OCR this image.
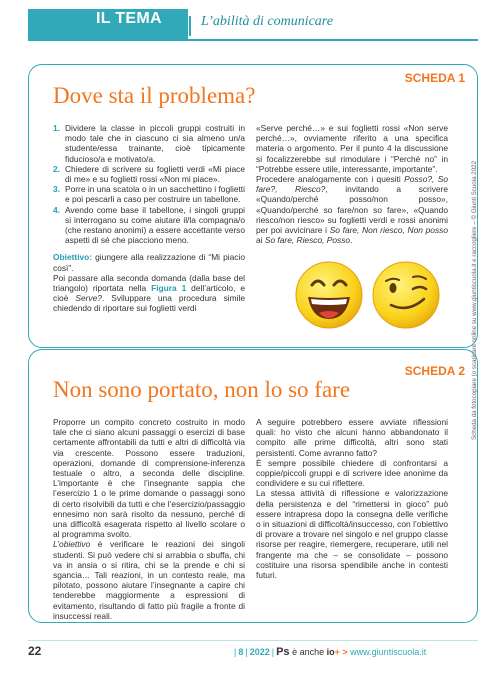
IL TEMA	L’abilità di comunicare
SCHEDA 1
Dove sta il problema?
1. Dividere la classe in piccoli gruppi costruiti in modo tale che in ciascuno ci sia almeno un/a studente/essa trainante, cioè tipicamente fiducioso/a e motivato/a.
2. Chiedere di scrivere su foglietti verdi «Mi piace di me» e su foglietti rossi «Non mi piace».
3. Porre in una scatola o in un sacchettino i foglietti e poi pescarli a caso per costruire un tabellone.
4. Avendo come base il tabellone, i singoli gruppi si interrogano su come aiutare il/la compagna/o (che restano anonimi) a essere accettante verso aspetti di sé che piacciono meno.

Obiettivo: giungere alla realizzazione di “Mi piacio così”.

Poi passare alla seconda domanda (dalla base del triangolo) riportata nella Figura 1 dell’articolo, e cioè Serve?. Sviluppare una procedura simile chiedendo di riportare sui foglietti verdi

«Serve perché…» e sui foglietti rossi «Non serve perché…», ovviamente riferito a una specifica materia o argomento. Per il punto 4 la discussione si focalizzerebbe sul rimodulare i “Perché no” in “Potrebbe essere utile, interessante, importante”.

Procedere analogamente con i quesiti Posso?, So fare?, Riesco?, invitando a scrivere «Quando/perché posso/non posso», «Quando/perché so fare/non so fare», «Quando riesco/non riesco» su foglietti verdi e rossi anonimi per poi avvicinare i So fare, Non riesco, Non posso ai So fare, Riesco, Posso.

SCHEDA 2
Non sono portato, non lo so fare

Proporre un compito concreto costruito in modo tale che ci siano alcuni passaggi o esercizi di base certamente affrontabili da tutti e altri di difficoltà via via crescente. Possono essere traduzioni, operazioni, domande di comprensione-inferenza testuale o altro, a seconda delle discipline. L’importante è che l’insegnante sappia che l’esercizio 1 o le prime domande o passaggi sono di certo risolvibili da tutti e che l’esercizio/passaggio ennesimo non sarà risolto da nessuno, perché di una difficoltà esagerata rispetto al livello scolare o al programma svolto.

L’obiettivo è verificare le reazioni dei singoli studenti. Si può vedere chi si arrabbia o sbuffa, chi va in ansia o si ritira, chi se la prende e chi si sgancia… Tali reazioni, in un contesto reale, ma pilotato, possono aiutare l’insegnante a capire chi tenderebbe maggiormente a espressioni di evitamento, risultando di fatto più fragile a fronte di insuccessi reali.

A seguire potrebbero essere avviate riflessioni quali: ho visto che alcuni hanno abbandonato il compito alle prime difficoltà, altri sono stati persistenti. Come avranno fatto?

È sempre possibile chiedere di confrontarsi a coppie/piccoli gruppi e di scrivere idee anonime da condividere e su cui riflettere.

La stessa attività di riflessione e valorizzazione della persistenza e del “rimettersi in gioco” può essere intrapresa dopo la consegna delle verifiche o in situazioni di difficoltà/insuccesso, con l’obiettivo di provare a trovare nel singolo e nel gruppo classe risorse per reagire, riemergere, recuperare, utili nel frangente ma che – se consolidate – possono costituire una risorsa spendibile anche in contesti futuri.

Scheda da fotocopiare (o scaricare online su www.giuntiscuola.it e raccogliere – © Giunti Scuola 2022
22	| 8 | 2022 | Ps è anche io+ > www.giuntiscuola.it
